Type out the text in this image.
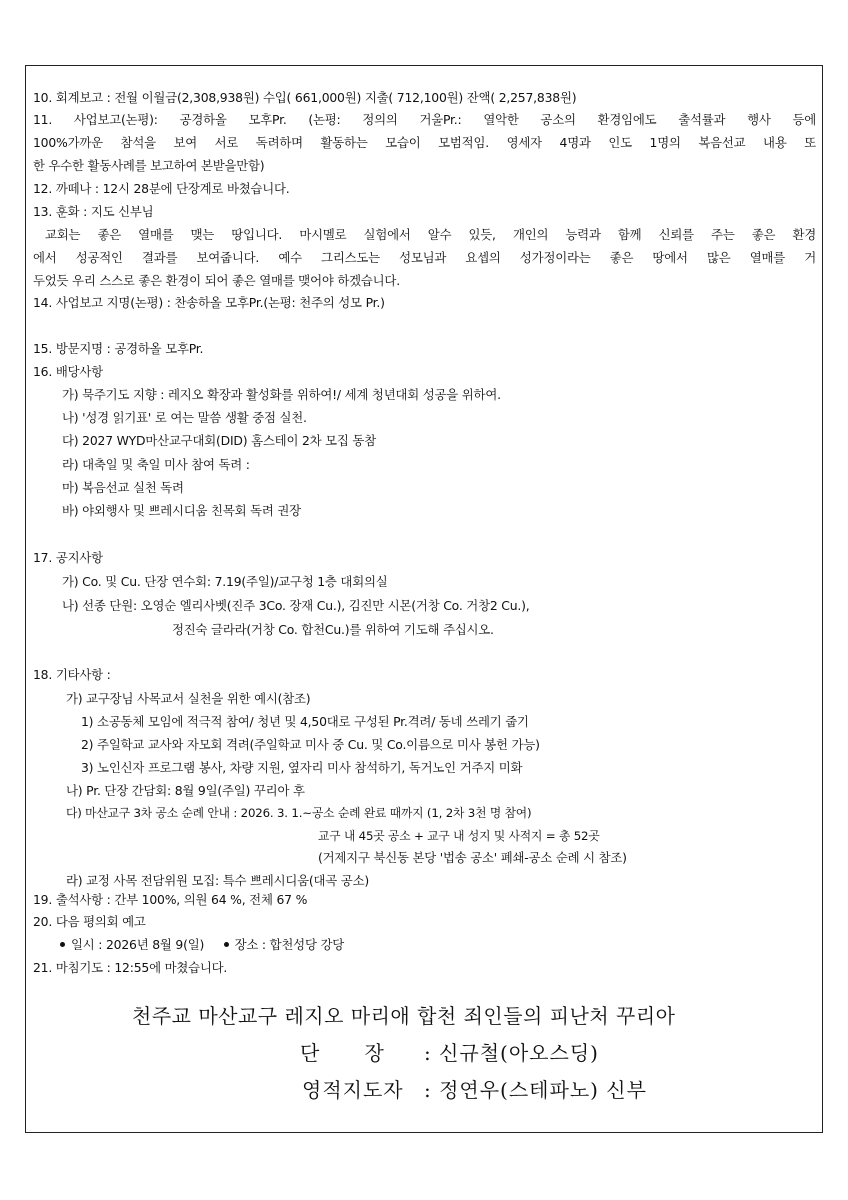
10. 회계보고 : 전월 이월금(2,308,938원) 수입( 661,000원) 지출( 712,100원) 잔액( 2,257,838원)
11. 사업보고(논평): 공경하올 모후Pr. (논평: 정의의 거울Pr.: 열악한 공소의 환경임에도 출석률과 행사 등에
100%가까운 참석을 보여 서로 독려하며 활동하는 모습이 모범적임. 영세자 4명과 인도 1명의 복음선교 내용 또
한 우수한 활동사례를 보고하여 본받을만함)
12. 까떼나 : 12시 28분에 단장계로 바쳤습니다.
13. 훈화 : 지도 신부님
교회는 좋은 열매를 맺는 땅입니다. 마시멜로 실험에서 알수 있듯, 개인의 능력과 함께 신뢰를 주는 좋은 환경
에서 성공적인 결과를 보여줍니다. 예수 그리스도는 성모님과 요셉의 성가정이라는 좋은 땅에서 많은 열매를 거
두었듯 우리 스스로 좋은 환경이 되어 좋은 열매를 맺어야 하겠습니다.
14. 사업보고 지명(논평) : 찬송하올 모후Pr.(논평: 천주의 성모 Pr.)
15. 방문지명 : 공경하올 모후Pr.
16. 배당사항
가) 묵주기도 지향 : 레지오 확장과 활성화를 위하여!/ 세계 청년대회 성공을 위하여.
나) '성경 읽기표' 로 여는 말씀 생활 중점 실천.
다) 2027 WYD마산교구대회(DID) 홈스테이 2차 모집 동참
라) 대축일 및 축일 미사 참여 독려 :
마) 복음선교 실천 독려
바) 야외행사 및 쁘레시디움 친목회 독려 권장
17. 공지사항
가) Co. 및 Cu. 단장 연수회: 7.19(주일)/교구청 1층 대회의실
나) 선종 단원: 오영순 엘리사벳(진주 3Co. 장재 Cu.), 김진만 시몬(거창 Co. 거창2 Cu.),
정진숙 글라라(거창 Co. 합천Cu.)를 위하여 기도해 주십시오.
18. 기타사항 :
가) 교구장님 사목교서 실천을 위한 예시(참조)
1) 소공동체 모임에 적극적 참여/ 청년 및 4,50대로 구성된 Pr.격려/ 동네 쓰레기 줍기
2) 주일학교 교사와 자모회 격려(주일학교 미사 중 Cu. 및 Co.이름으로 미사 봉헌 가능)
3) 노인신자 프로그램 봉사, 차량 지원, 옆자리 미사 참석하기, 독거노인 거주지 미화
나) Pr. 단장 간담회: 8월 9일(주일) 꾸리아 후
다) 마산교구 3차 공소 순례 안내 : 2026. 3. 1.~공소 순례 완료 때까지 (1, 2차 3천 명 참여)
교구 내 45곳 공소 + 교구 내 성지 및 사적지 = 총 52곳
(거제지구 북신동 본당 '법송 공소' 폐쇄-공소 순례 시 참조)
라) 교정 사목 전담위원 모집: 특수 쁘레시디움(대곡 공소)
19. 출석사항 : 간부 100%, 의원 64 %, 전체 67 %
20. 다음 평의회 예고
일시 : 2026년 8월 9(일) 장소 : 합천성당 강당
21. 마침기도 : 12:55에 마쳤습니다.
천주교 마산교구 레지오 마리애 합천 죄인들의 피난처 꾸리아
단      장 : 신규철(아오스딩)
영적지도자 : 정연우(스테파노) 신부
